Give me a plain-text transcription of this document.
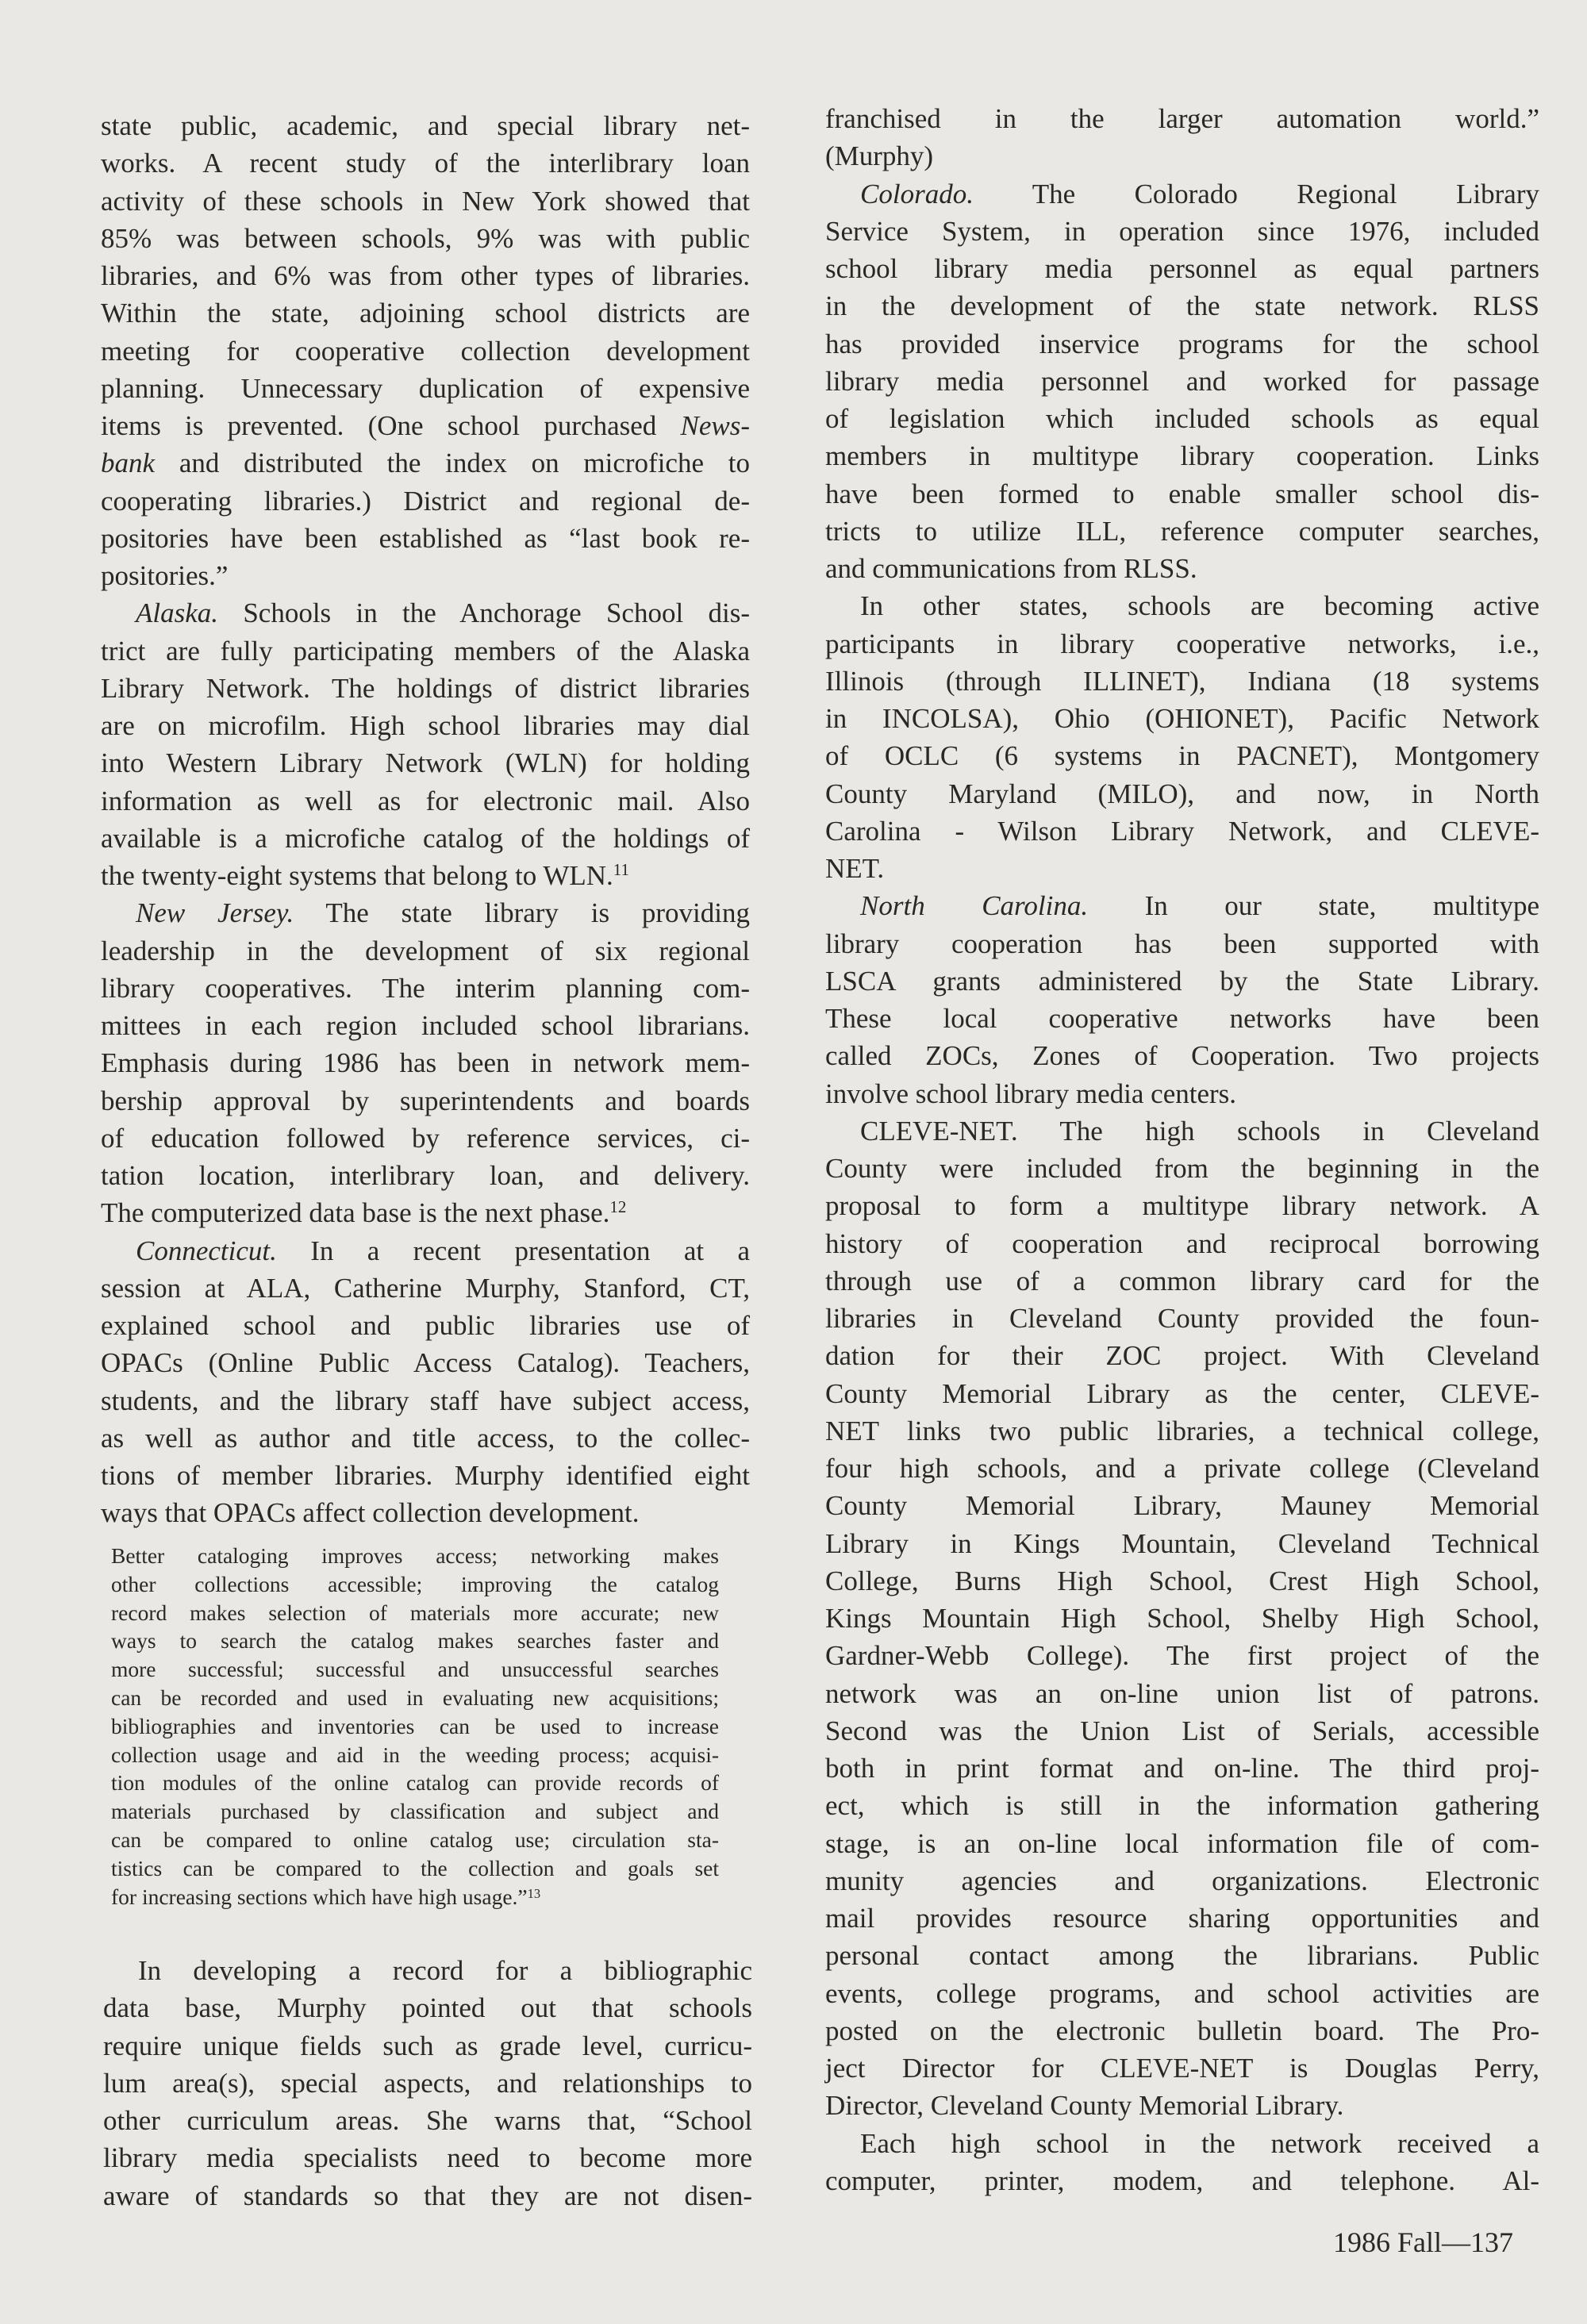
state public, academic, and special library net-
works. A recent study of the interlibrary loan
activity of these schools in New York showed that
85% was between schools, 9% was with public
libraries, and 6% was from other types of libraries.
Within the state, adjoining school districts are
meeting for cooperative collection development
planning. Unnecessary duplication of expensive
items is prevented. (One school purchased News-
bank and distributed the index on microfiche to
cooperating libraries.) District and regional de-
positories have been established as “last book re-
positories.”
Alaska. Schools in the Anchorage School dis-
trict are fully participating members of the Alaska
Library Network. The holdings of district libraries
are on microfilm. High school libraries may dial
into Western Library Network (WLN) for holding
information as well as for electronic mail. Also
available is a microfiche catalog of the holdings of
the twenty-eight systems that belong to WLN.$^{11}$
New Jersey. The state library is providing
leadership in the development of six regional
library cooperatives. The interim planning com-
mittees in each region included school librarians.
Emphasis during 1986 has been in network mem-
bership approval by superintendents and boards
of education followed by reference services, ci-
tation location, interlibrary loan, and delivery.
The computerized data base is the next phase.$^{12}$
Connecticut. In a recent presentation at a
session at ALA, Catherine Murphy, Stanford, CT,
explained school and public libraries use of
OPACs (Online Public Access Catalog). Teachers,
students, and the library staff have subject access,
as well as author and title access, to the collec-
tions of member libraries. Murphy identified eight
ways that OPACs affect collection development.
Better cataloging improves access; networking makes
other collections accessible; improving the catalog
record makes selection of materials more accurate; new
ways to search the catalog makes searches faster and
more successful; successful and unsuccessful searches
can be recorded and used in evaluating new acquisitions;
bibliographies and inventories can be used to increase
collection usage and aid in the weeding process; acquisi-
tion modules of the online catalog can provide records of
materials purchased by classification and subject and
can be compared to online catalog use; circulation sta-
tistics can be compared to the collection and goals set
for increasing sections which have high usage.”$^{13}$
In developing a record for a bibliographic
data base, Murphy pointed out that schools
require unique fields such as grade level, curricu-
lum area(s), special aspects, and relationships to
other curriculum areas. She warns that, “School
library media specialists need to become more
aware of standards so that they are not disen-
franchised in the larger automation world.”
(Murphy)
Colorado. The Colorado Regional Library
Service System, in operation since 1976, included
school library media personnel as equal partners
in the development of the state network. RLSS
has provided inservice programs for the school
library media personnel and worked for passage
of legislation which included schools as equal
members in multitype library cooperation. Links
have been formed to enable smaller school dis-
tricts to utilize ILL, reference computer searches,
and communications from RLSS.
In other states, schools are becoming active
participants in library cooperative networks, i.e.,
Illinois (through ILLINET), Indiana (18 systems
in INCOLSA), Ohio (OHIONET), Pacific Network
of OCLC (6 systems in PACNET), Montgomery
County Maryland (MILO), and now, in North
Carolina - Wilson Library Network, and CLEVE-
NET.
North Carolina. In our state, multitype
library cooperation has been supported with
LSCA grants administered by the State Library.
These local cooperative networks have been
called ZOCs, Zones of Cooperation. Two projects
involve school library media centers.
CLEVE-NET. The high schools in Cleveland
County were included from the beginning in the
proposal to form a multitype library network. A
history of cooperation and reciprocal borrowing
through use of a common library card for the
libraries in Cleveland County provided the foun-
dation for their ZOC project. With Cleveland
County Memorial Library as the center, CLEVE-
NET links two public libraries, a technical college,
four high schools, and a private college (Cleveland
County Memorial Library, Mauney Memorial
Library in Kings Mountain, Cleveland Technical
College, Burns High School, Crest High School,
Kings Mountain High School, Shelby High School,
Gardner-Webb College). The first project of the
network was an on-line union list of patrons.
Second was the Union List of Serials, accessible
both in print format and on-line. The third proj-
ect, which is still in the information gathering
stage, is an on-line local information file of com-
munity agencies and organizations. Electronic
mail provides resource sharing opportunities and
personal contact among the librarians. Public
events, college programs, and school activities are
posted on the electronic bulletin board. The Pro-
ject Director for CLEVE-NET is Douglas Perry,
Director, Cleveland County Memorial Library.
Each high school in the network received a
computer, printer, modem, and telephone. Al-
1986 Fall—137
